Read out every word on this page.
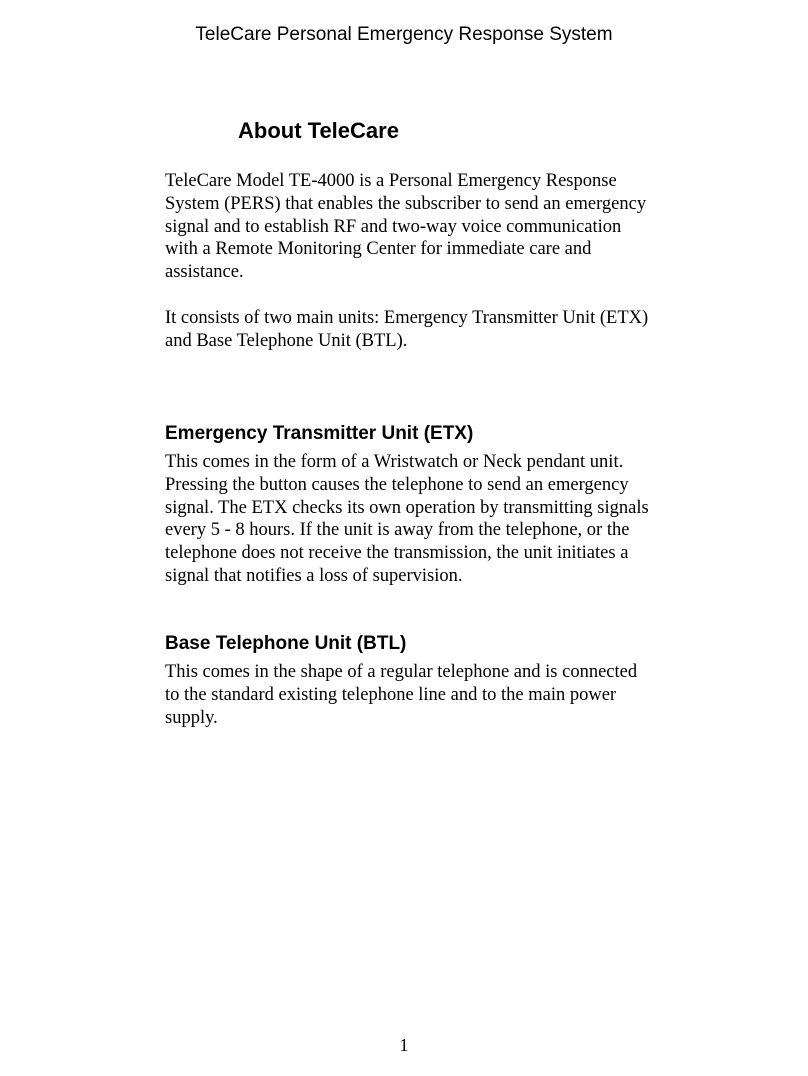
TeleCare Personal Emergency Response System
About TeleCare

TeleCare Model TE-4000 is a Personal Emergency Response System (PERS) that enables the subscriber to send an emergency signal and to establish RF and two-way voice communication with a Remote Monitoring Center for immediate care and assistance.

It consists of two main units: Emergency Transmitter Unit (ETX) and Base Telephone Unit (BTL).

Emergency Transmitter Unit (ETX)

This comes in the form of a Wristwatch or Neck pendant unit. Pressing the button causes the telephone to send an emergency signal. The ETX checks its own operation by transmitting signals every 5 - 8 hours. If the unit is away from the telephone, or the telephone does not receive the transmission, the unit initiates a signal that notifies a loss of supervision.

Base Telephone Unit (BTL)

This comes in the shape of a regular telephone and is connected to the standard existing telephone line and to the main power supply.

1
